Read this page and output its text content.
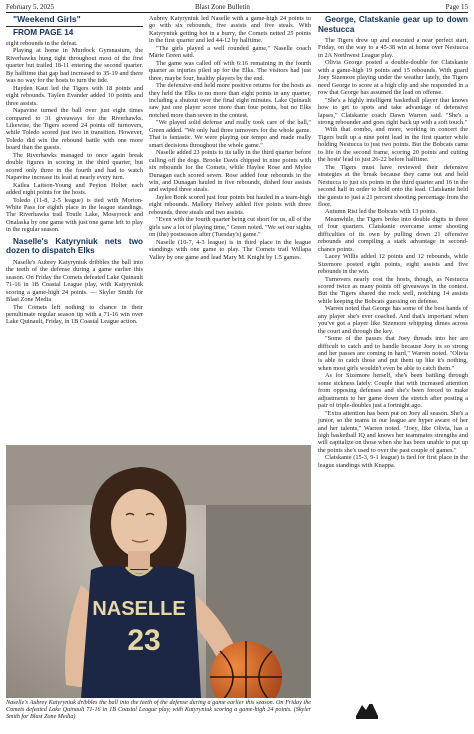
February 5, 2025	Blast Zone Bulletin	Page 15

"Weekend Girls"

FROM PAGE 14

eight rebounds in the defeat.

Playing at home in Murdock Gymnasium, the Riverhawks hung tight throughout most of the first quarter but trailed 18-11 entering the second quarter. By halftime that gap had increased to 35-19 and there was no way for the hosts to turn the tide.

Hayden Kaut led the Tigers with 18 points and eight rebounds. Taylen Evander added 10 points and three assists.

Napavine turned the ball over just eight times compared to 31 giveaways for the Riverhawks. Likewise, the Tigers scored 24 points off turnovers, while Toledo scored just two in transition. However, Toledo did win the rebound battle with one more board than the guests.

The Riverhawks managed to once again break double figures in scoring in the third quarter, but scored only three in the fourth and had to watch Napavine increase its lead at nearly every turn.

Kailea Laitson-Young and Peyton Holter each added eight points for the hosts.

Toledo (11-8, 2-5 league) is tied with Morton-White Pass for eighth place in the league standings. The Riverhawks trail Toutle Lake, Mossyrock and Onalaska by one game with just one game left to play in the regular season.

Naselle's Katyryniuk nets two dozen to dispatch Elks

Naselle's Aubrey Katyryniuk dribbles the ball into the teeth of the defense during a game earlier this season. On Friday the Comets defeated Lake Quinault 71-16 in 1B Coastal League play, with Katyryniuk scoring a game-high 24 points. — Skyler Smith for Blast Zone Media

The Comets left nothing to chance in their penultimate regular season tip with a 71-16 win over Lake Quinault, Friday, in 1B Coastal League action.

Aubrey Katyryniuk led Naselle with a game-high 24 points to go with six rebounds, five assists and five steals. With Katyryniuk getting hot in a hurry, the Comets netted 25 points in the first quarter and led 44-12 by halftime.

"The girls played a well rounded game," Naselle coach Marie Green said.

The game was called off with 6:16 remaining in the fourth quarter as injuries piled up for the Elks. The visitors had just three, maybe four, healthy players by the end.

The defensive end held more positive returns for the hosts as they held the Elks to no more than eight points in any quarter, including a shutout over the final eight minutes. Lake Quinault saw just one player score more than four points, but no Elks notched more than seven in the contest.

"We played solid defense and really took care of the ball," Green added. "We only had three turnovers for the whole game. That is fantastic. We were playing our tempo and made really smart decisions throughout the whole game."

Naselle added 23 points to its tally in the third quarter before calling off the dogs. Brooke Davis chipped in nine points with six rebounds for the Comets, while Haylee Rose and Mylee Dunagan each scored seven. Rose added four rebounds in the win, and Dunagan hauled in five rebounds, dished four assists and swiped three steals.

Jaylee Bonk scored just four points but hauled in a team-high eight rebounds. Mallory Helvey added five points with three rebounds, three steals and two assists.

"Even with the fourth quarter being cut short for us, all of the girls saw a lot of playing time," Green noted. "We set our sights on (the) postseason after (Tuesday's) game."

Naselle (10-7, 4-3 league) is in third place in the league standings with one game to play. The Comets trail Willapa Valley by one game and lead Mary M. Knight by 1.5 games.

George, Clatskanie gear up to down Nestucca

The Tigers drew up and executed a near perfect start, Friday, on the way to a 45-38 win at home over Nestucca in 2A Northwest League play.

Olivia George posted a double-double for Clatskanie with a game-high 19 points and 15 rebounds. With guard Joey Sizemore playing under the weather lately, the Tigers need George to score at a high clip and she responded in a row that George has assumed the lead on offense.

"She's a highly intelligent basketball player that knows how to get to spots and take advantage of defensive lapses," Clatskanie coach Dawn Warren said. "She's a strong rebounder and goes right back up with a soft touch."

With that combo, and more, working in concert the Tigers built up a nine point lead in the first quarter while holding Nestucca to just two points. But the Bobcats came to life in the second frame, scoring 20 points and cutting the hosts' lead to just 26-22 before halftime.

The Tigers must have reviewed their defensive strategies at the break because they came out and held Nestucca to just six points in the third quarter and 16 in the second half in order to hold onto the lead. Clatskanie held the guests to just a 21 percent shooting percentage from the floor.

Autumn Rist led the Bobcats with 13 points.

Meanwhile, the Tigers broke into double digits in three of four quarters. Clatskanie overcame some shooting difficulties of its own by pulling down 21 offensive rebounds and compiling a stark advantage in second-chance points.

Lacey Willis added 12 points and 12 rebounds, while Sizemore posted eight points, eight assists and five rebounds in the win.

Turnovers nearly cost the hosts, though, as Nestucca scored twice as many points off giveaways in the contest. But the Tigers shared the rock well, notching 14 assists while keeping the Bobcats guessing on defense.

Warren noted that George has some of the best hands of any player she's ever coached. And that's important when you've got a player like Sizemore whipping dimes across the court and through the key.

"Some of the passes that Joey threads into her are difficult to catch and to handle because Joey is so strong and her passes are coming in hard," Warren noted. "Olivia is able to catch those and put them up like it's nothing, when most girls wouldn't even be able to catch them."

As for Sizemore herself, she's been battling through some sickness lately. Couple that with increased attention from opposing defenses and she's been forced to make adjustments to her game down the stretch after posting a pair of triple-doubles just a fortnight ago.

"Extra attention has been put on Joey all season. She's a junior, so the teams in our league are hyper aware of her and her talents," Warren noted. "Joey, like Olivia, has a high basketball IQ and knows her teammates strengths and will capitalize on those when she has been unable to put up the points she's used to over the past couple of games."

Clatskanie (15-3, 9-1 league) is tied for first place in the league standings with Knappa.

NASELLE
23
Naselle's Aubrey Katyryniuk dribbles the ball into the teeth of the defense during a game earlier this season. On Friday the Comets defeated Lake Quinault 71-16 in 1B Coastal League play, with Katyryniuk scoring a game-high 24 points. (Skyler Smith for Blast Zone Media)
